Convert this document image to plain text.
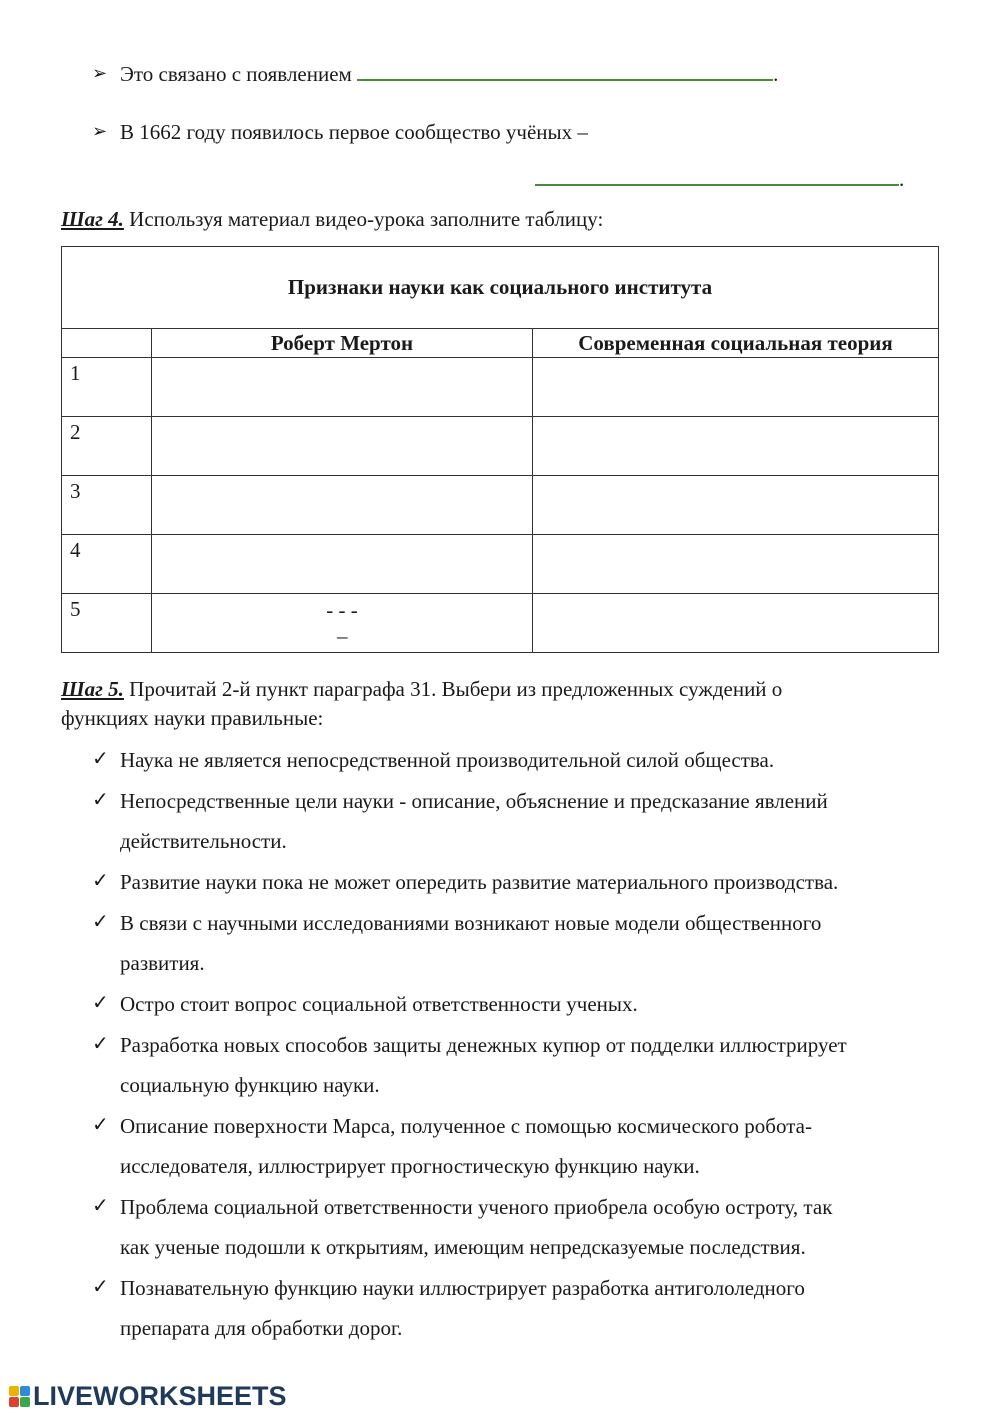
➢ Это связано с появлением	.
➢ В 1662 году появилось первое сообщество учёных –
.
Шаг 4. Используя материал видео-урока заполните таблицу:
Признаки науки как социального института		
	Роберт Мертон	Современная социальная теория
1		
2		
3		
4		
5	- - -
_	

Шаг 5. Прочитай 2-й пункт параграфа 31. Выбери из предложенных суждений о
функциях науки правильные:
✓ Наука не является непосредственной производительной силой общества.
✓ Непосредственные цели науки - описание, объяснение и предсказание явлений
действительности.
✓ Развитие науки пока не может опередить развитие материального производства.
✓ В связи с научными исследованиями возникают новые модели общественного
развития.
✓ Остро стоит вопрос социальной ответственности ученых.
✓ Разработка новых способов защиты денежных купюр от подделки иллюстрирует
социальную функцию науки.
✓ Описание поверхности Марса, полученное с помощью космического робота-
исследователя, иллюстрирует прогностическую функцию науки.
✓ Проблема социальной ответственности ученого приобрела особую остроту, так
как ученые подошли к открытиям, имеющим непредсказуемые последствия.
✓ Познавательную функцию науки иллюстрирует разработка антигололедного
препарата для обработки дорог.
LIVEWORKSHEETS
